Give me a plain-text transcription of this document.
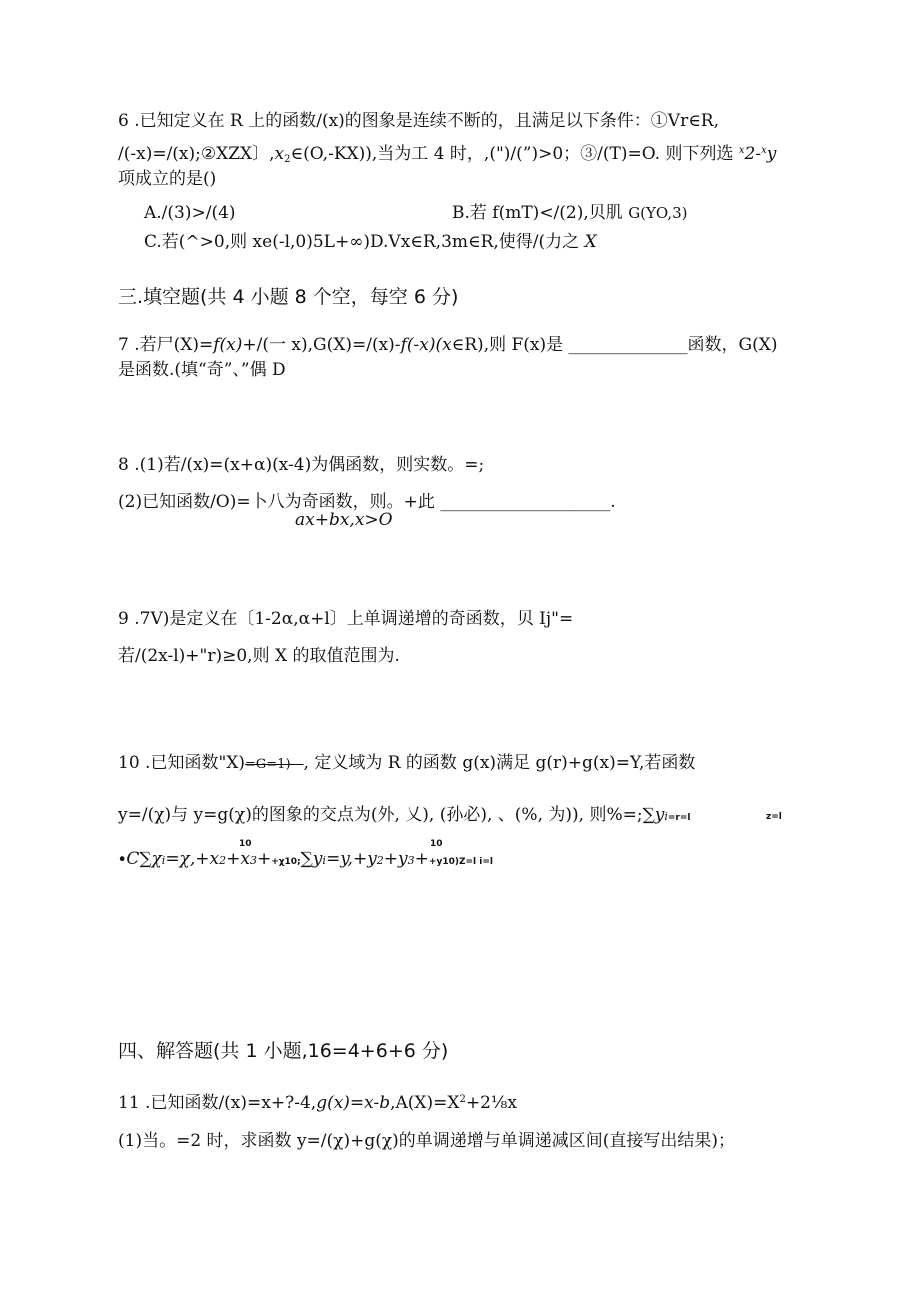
6 .已知定义在 R 上的函数/(x)的图象是连续不断的，且满足以下条件：①Vr∈R,
/(-x)=/(x);②XZX〕,x2∈(O,-KX)),当为工 4 时，,(")/(”)>0；③/(T)=O. 则下列选 $^x$2-$^x$y
项成立的是()
A./(3)>/(4)	B.若 f(mT)</(2),贝肌 G(YO,3)
C.若(^>0,则 xe(-l,0)5L+∞)D.Vx∈R,3m∈R,使得/(力之 X
三.填空题(共 4 小题 8 个空，每空 6 分)
7 .若尸(X)=f(x)+/(一 x),G(X)=/(x)-f(-x)(x∈R),则 F(x)是 ______________函数，G(X)
是函数.(填“奇”、”偶 D
8 .(1)若/(x)=(x+α)(x-4)为偶函数，则实数。=;
(2)已知函数/O)=卜八为奇函数，则。+此 ____________________.
ax+bx,x>O
9 .7V)是定义在〔1-2α,α+l〕上单调递增的奇函数，贝 Ij"=
若/(2x-l)+"r)≥0,则 X 的取值范围为.
10 .已知函数"X)=G=1)—, 定义域为 R 的函数 g(x)满足 g(r)+g(x)=Y,若函数
y=/(χ)与 y=g(χ)的图象的交点为(外, 乂), (孙必), 、(%, 为)), 则%=;∑yi=r=l	z=l
10	10
∙C∑χi=χ,+x2+x3++χ10;∑yi=y,+y2+y3++y10)Z=l i=l
四、解答题(共 1 小题,16=4+6+6 分)
11 .已知函数$/(x)=x+?-4,g(x)=x-b,A(X)=X^2+2\frac{1}{8}x$
(1)当。=2 时，求函数 y=/(χ)+g(χ)的单调递增与单调递减区间(直接写出结果)；
